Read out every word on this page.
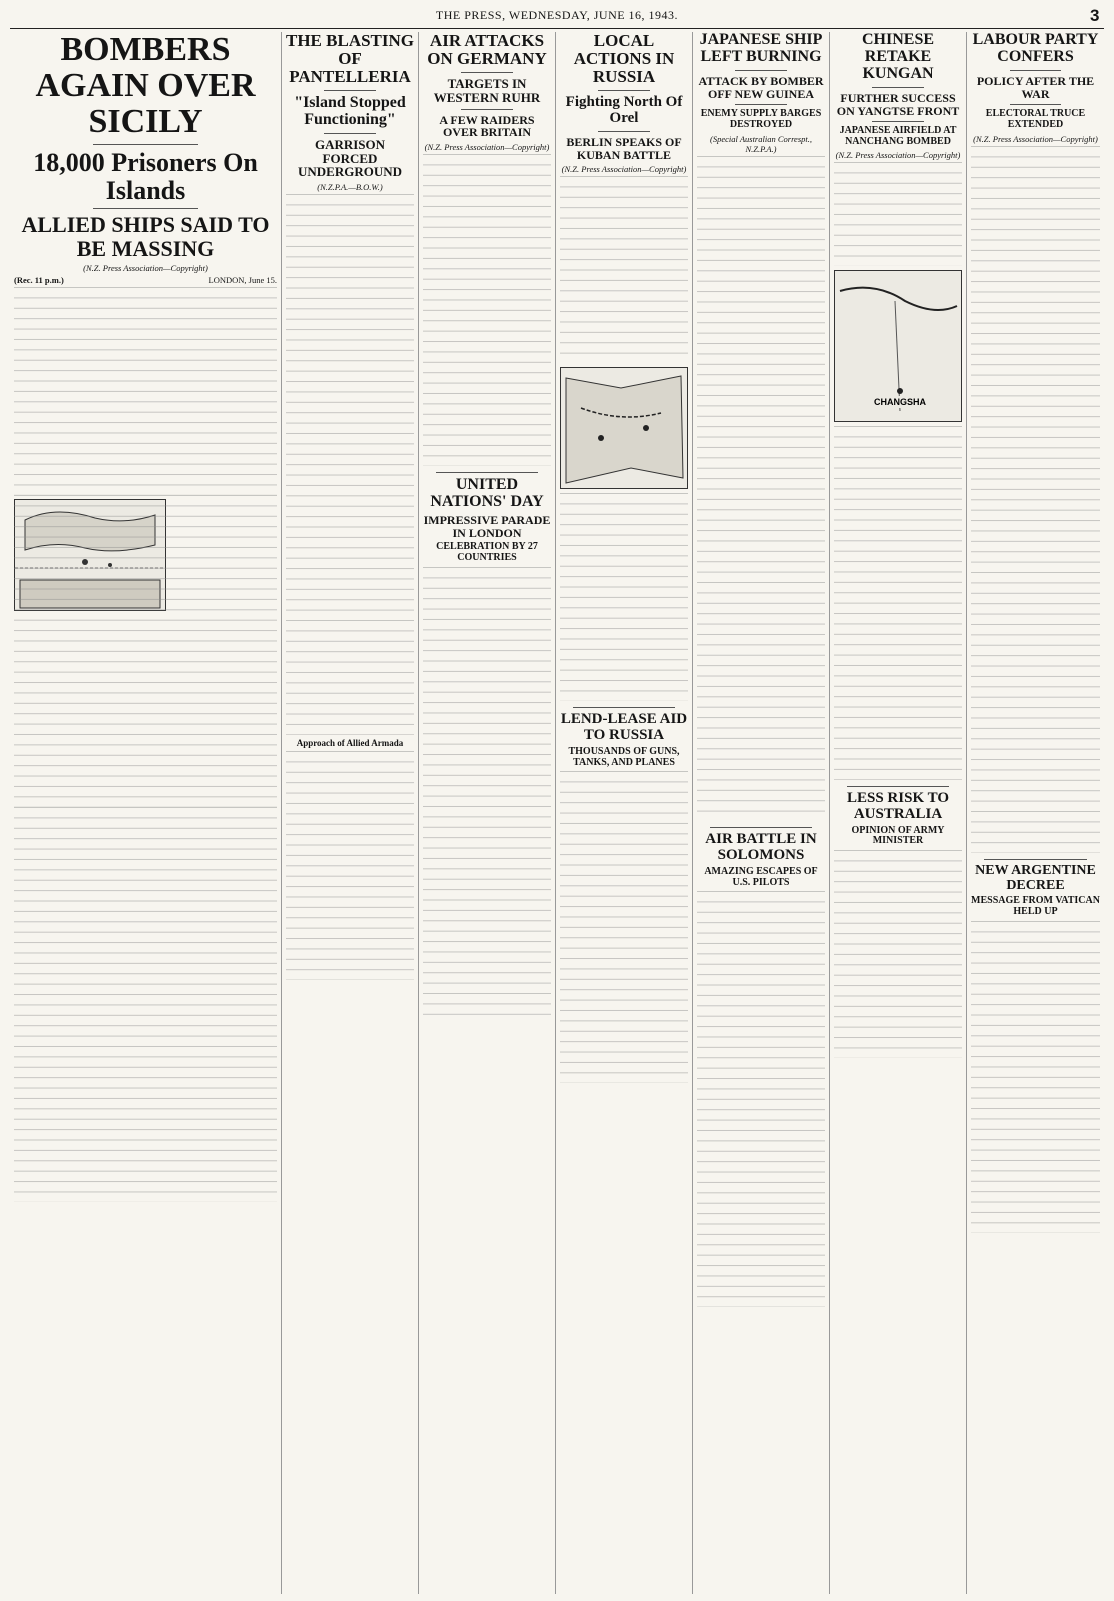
THE PRESS, WEDNESDAY, JUNE 16, 1943.	3
BOMBERS AGAIN OVER SICILY
18,000 Prisoners On Islands
ALLIED SHIPS SAID TO BE MASSING
(N.Z. Press Association—Copyright)
(Rec. 11 p.m.)	LONDON, June 15.
THE BLASTING OF PANTELLERIA
"Island Stopped Functioning"
GARRISON FORCED UNDERGROUND
(N.Z.P.A.—B.O.W.)
Approach of Allied Armada
AIR ATTACKS ON GERMANY
TARGETS IN WESTERN RUHR
A FEW RAIDERS OVER BRITAIN
(N.Z. Press Association—Copyright)
UNITED NATIONS' DAY
IMPRESSIVE PARADE IN LONDON
CELEBRATION BY 27 COUNTRIES
LOCAL ACTIONS IN RUSSIA
Fighting North Of Orel
BERLIN SPEAKS OF KUBAN BATTLE
(N.Z. Press Association—Copyright)
LEND-LEASE AID TO RUSSIA
THOUSANDS OF GUNS, TANKS, AND PLANES
JAPANESE SHIP LEFT BURNING
ATTACK BY BOMBER OFF NEW GUINEA
ENEMY SUPPLY BARGES DESTROYED
(Special Australian Correspt., N.Z.P.A.)
AIR BATTLE IN SOLOMONS
AMAZING ESCAPES OF U.S. PILOTS
CHINESE RETAKE KUNGAN
FURTHER SUCCESS ON YANGTSE FRONT
JAPANESE AIRFIELD AT NANCHANG BOMBED
(N.Z. Press Association—Copyright)
CHANGSHA
LESS RISK TO AUSTRALIA
OPINION OF ARMY MINISTER
LABOUR PARTY CONFERS
POLICY AFTER THE WAR
ELECTORAL TRUCE EXTENDED
(N.Z. Press Association—Copyright)
NEW ARGENTINE DECREE
MESSAGE FROM VATICAN HELD UP
